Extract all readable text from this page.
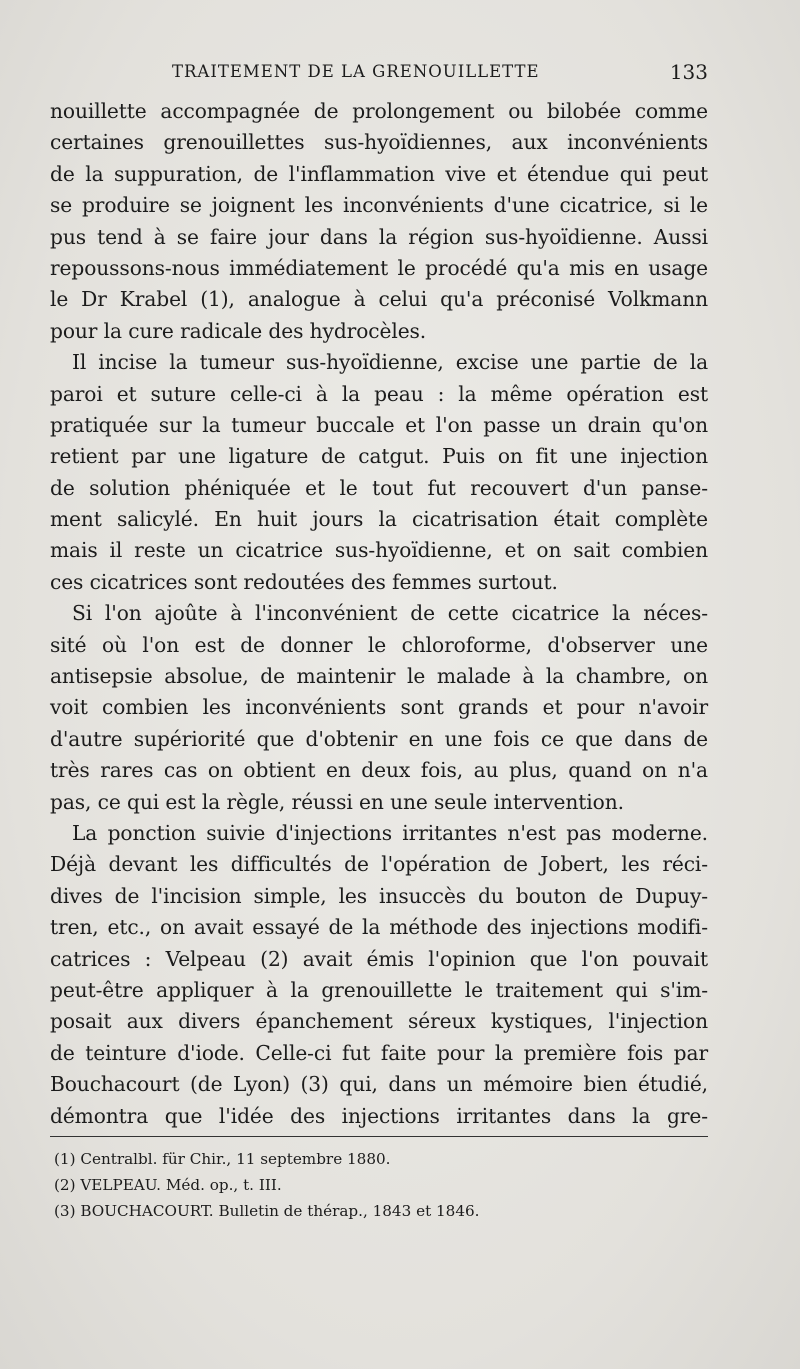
TRAITEMENT DE LA GRENOUILLETTE	133
nouillette accompagnée de prolongement ou bilobée comme
certaines grenouillettes sus-hyoïdiennes, aux inconvénients
de la suppuration, de l'inflammation vive et étendue qui peut
se produire se joignent les inconvénients d'une cicatrice, si le
pus tend à se faire jour dans la région sus-hyoïdienne. Aussi
repoussons-nous immédiatement le procédé qu'a mis en usage
le Dr Krabel (1), analogue à celui qu'a préconisé Volkmann
pour la cure radicale des hydrocèles.
Il incise la tumeur sus-hyoïdienne, excise une partie de la
paroi et suture celle-ci à la peau : la même opération est
pratiquée sur la tumeur buccale et l'on passe un drain qu'on
retient par une ligature de catgut. Puis on fit une injection
de solution phéniquée et le tout fut recouvert d'un panse-
ment salicylé. En huit jours la cicatrisation était complète
mais il reste un cicatrice sus-hyoïdienne, et on sait combien
ces cicatrices sont redoutées des femmes surtout.
Si l'on ajoûte à l'inconvénient de cette cicatrice la néces-
sité où l'on est de donner le chloroforme, d'observer une
antisepsie absolue, de maintenir le malade à la chambre, on
voit combien les inconvénients sont grands et pour n'avoir
d'autre supériorité que d'obtenir en une fois ce que dans de
très rares cas on obtient en deux fois, au plus, quand on n'a
pas, ce qui est la règle, réussi en une seule intervention.
La ponction suivie d'injections irritantes n'est pas moderne.
Déjà devant les difficultés de l'opération de Jobert, les réci-
dives de l'incision simple, les insuccès du bouton de Dupuy-
tren, etc., on avait essayé de la méthode des injections modifi-
catrices : Velpeau (2) avait émis l'opinion que l'on pouvait
peut-être appliquer à la grenouillette le traitement qui s'im-
posait aux divers épanchement séreux kystiques, l'injection
de teinture d'iode. Celle-ci fut faite pour la première fois par
Bouchacourt (de Lyon) (3) qui, dans un mémoire bien étudié,
démontra que l'idée des injections irritantes dans la gre-
(1) Centralbl. für Chir., 11 septembre 1880.
(2) VELPEAU. Méd. op., t. III.
(3) BOUCHACOURT. Bulletin de thérap., 1843 et 1846.
